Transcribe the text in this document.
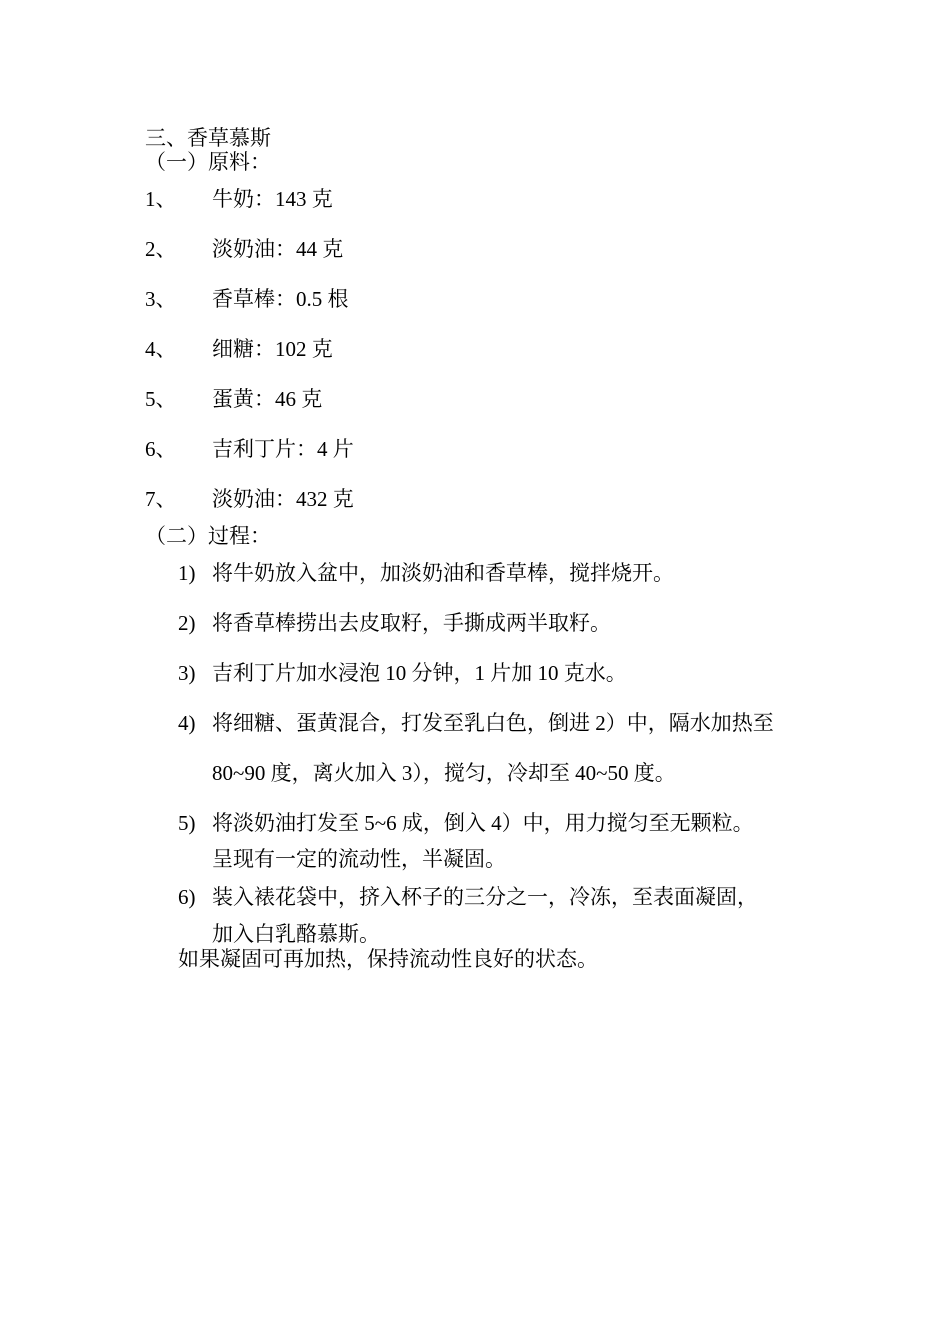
三、香草慕斯
（一）原料：
1、 牛奶：143 克
2、 淡奶油：44 克
3、 香草棒：0.5 根
4、 细糖：102 克
5、 蛋黄：46 克
6、 吉利丁片：4 片
7、 淡奶油：432 克
（二）过程：
1) 将牛奶放入盆中，加淡奶油和香草棒，搅拌烧开。
2) 将香草棒捞出去皮取籽，手撕成两半取籽。
3) 吉利丁片加水浸泡 10 分钟，1 片加 10 克水。
4) 将细糖、蛋黄混合，打发至乳白色，倒进 2）中，隔水加热至
80~90 度，离火加入 3），搅匀，冷却至 40~50 度。
5) 将淡奶油打发至 5~6 成，倒入 4）中，用力搅匀至无颗粒。
呈现有一定的流动性，半凝固。
6) 装入裱花袋中，挤入杯子的三分之一，冷冻，至表面凝固，
加入白乳酪慕斯。
如果凝固可再加热，保持流动性良好的状态。
